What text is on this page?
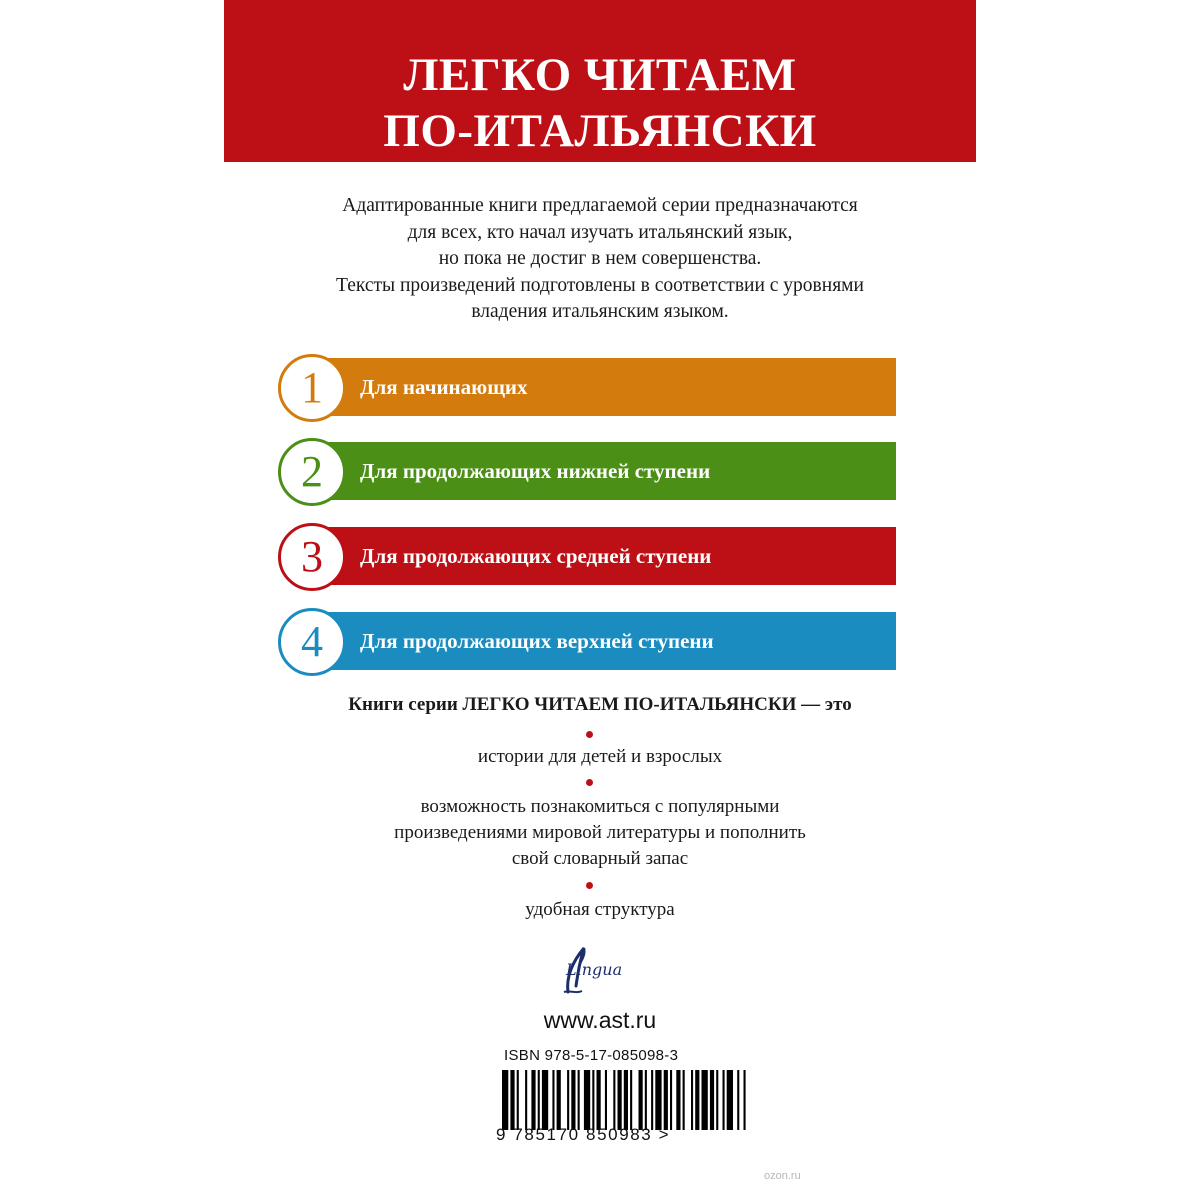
ЛЕГКО ЧИТАЕМ
ПО-ИТАЛЬЯНСКИ
Адаптированные книги предлагаемой серии предназначаются
для всех, кто начал изучать итальянский язык,
но пока не достиг в нем совершенства.
Тексты произведений подготовлены в соответствии с уровнями
владения итальянским языком.
1	Для начинающих
2	Для продолжающих нижней ступени
3	Для продолжающих средней ступени
4	Для продолжающих верхней ступени
Книги серии ЛЕГКО ЧИТАЕМ ПО-ИТАЛЬЯНСКИ — это
истории для детей и взрослых
возможность познакомиться с популярными
произведениями мировой литературы и пополнить
свой словарный запас
удобная структура
Lingua
www.ast.ru
ISBN 978-5-17-085098-3
9 785170 850983 >
ozon.ru
